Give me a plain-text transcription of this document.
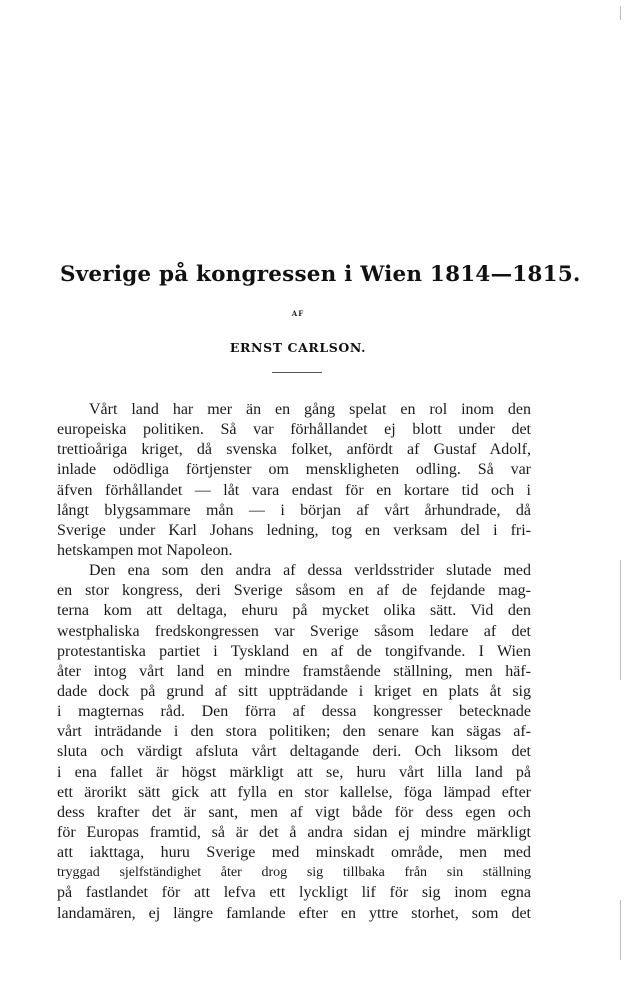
Sverige på kongressen i Wien 1814—1815.
AF
ERNST CARLSON.
Vårt land har mer än en gång spelat en rol inom den
europeiska politiken. Så var förhållandet ej blott under det
trettioåriga kriget, då svenska folket, anfördt af Gustaf Adolf,
inlade odödliga förtjenster om menskligheten odling. Så var
äfven förhållandet — låt vara endast för en kortare tid och i
långt blygsammare mån — i början af vårt århundrade, då
Sverige under Karl Johans ledning, tog en verksam del i fri-
hetskampen mot Napoleon.
Den ena som den andra af dessa verldsstrider slutade med
en stor kongress, deri Sverige såsom en af de fejdande mag-
terna kom att deltaga, ehuru på mycket olika sätt. Vid den
westphaliska fredskongressen var Sverige såsom ledare af det
protestantiska partiet i Tyskland en af de tongifvande. I Wien
åter intog vårt land en mindre framstående ställning, men häf-
dade dock på grund af sitt uppträdande i kriget en plats åt sig
i magternas råd. Den förra af dessa kongresser betecknade
vårt inträdande i den stora politiken; den senare kan sägas af-
sluta och värdigt afsluta vårt deltagande deri. Och liksom det
i ena fallet är högst märkligt att se, huru vårt lilla land på
ett ärorikt sätt gick att fylla en stor kallelse, föga lämpad efter
dess krafter det är sant, men af vigt både för dess egen och
för Europas framtid, så är det å andra sidan ej mindre märkligt
att iakttaga, huru Sverige med minskadt område, men med
tryggad sjelfständighet åter drog sig tillbaka från sin ställning
på fastlandet för att lefva ett lyckligt lif för sig inom egna
landamären, ej längre famlande efter en yttre storhet, som det
